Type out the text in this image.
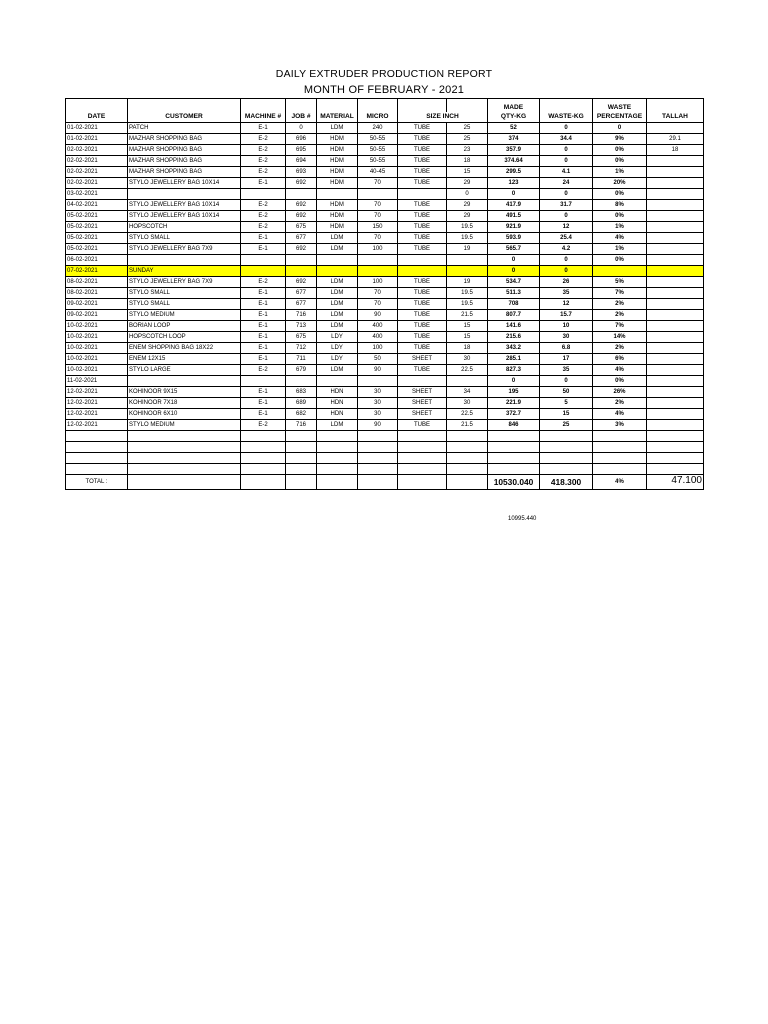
DAILY EXTRUDER PRODUCTION REPORT
MONTH OF FEBRUARY - 2021
								MADE		WASTE	
DATE	CUSTOMER	MACHINE #	JOB #	MATERIAL	MICRO	SIZE INCH		QTY-KG	WASTE-KG	PERCENTAGE	TALLAH
01-02-2021	PATCH	E-1	0	LDM	240	TUBE	25	52	0	0	
01-02-2021	MAZHAR SHOPPING BAG	E-2	696	HDM	50-55	TUBE	25	374	34.4	9%	29.1
02-02-2021	MAZHAR SHOPPING BAG	E-2	695	HDM	50-55	TUBE	23	357.9	0	0%	18
02-02-2021	MAZHAR SHOPPING BAG	E-2	694	HDM	50-55	TUBE	18	374.64	0	0%	
02-02-2021	MAZHAR SHOPPING BAG	E-2	693	HDM	40-45	TUBE	15	299.5	4.1	1%	
02-02-2021	STYLO JEWELLERY BAG 10X14	E-1	692	HDM	70	TUBE	29	123	24	20%	
03-02-2021							0	0	0	0%	
04-02-2021	STYLO JEWELLERY BAG 10X14	E-2	692	HDM	70	TUBE	29	417.9	31.7	8%	
05-02-2021	STYLO JEWELLERY BAG 10X14	E-2	692	HDM	70	TUBE	29	491.5	0	0%	
05-02-2021	HOPSCOTCH	E-2	675	HDM	150	TUBE	19.5	921.9	12	1%	
05-02-2021	STYLO SMALL	E-1	677	LDM	70	TUBE	19.5	593.9	25.4	4%	
05-02-2021	STYLO JEWELLERY BAG 7X9	E-1	692	LDM	100	TUBE	19	565.7	4.2	1%	
06-02-2021								0	0	0%	
07-02-2021	SUNDAY							0	0		
08-02-2021	STYLO JEWELLERY BAG 7X9	E-2	692	LDM	100	TUBE	19	534.7	26	5%	
08-02-2021	STYLO SMALL	E-1	677	LDM	70	TUBE	19.5	511.3	35	7%	
09-02-2021	STYLO SMALL	E-1	677	LDM	70	TUBE	19.5	708	12	2%	
09-02-2021	STYLO MEDIUM	E-1	716	LDM	90	TUBE	21.5	807.7	15.7	2%	
10-02-2021	BORIAN LOOP	E-1	713	LDM	400	TUBE	15	141.6	10	7%	
10-02-2021	HOPSCOTCH LOOP	E-1	675	LDY	400	TUBE	15	215.6	30	14%	
10-02-2021	ENEM SHOPPING BAG 18X22	E-1	712	LDY	100	TUBE	18	343.2	6.8	2%	
10-02-2021	ENEM 12X15	E-1	711	LDY	50	SHEET	30	285.1	17	6%	
10-02-2021	STYLO LARGE	E-2	679	LDM	90	TUBE	22.5	827.3	35	4%	
11-02-2021								0	0	0%	
12-02-2021	KOHINOOR 9X15	E-1	683	HDN	30	SHEET	34	195	50	26%	
12-02-2021	KOHINOOR 7X18	E-1	689	HDN	30	SHEET	30	221.9	5	2%	
12-02-2021	KOHINOOR 6X10	E-1	682	HDN	30	SHEET	22.5	372.7	15	4%	
12-02-2021	STYLO MEDIUM	E-2	716	LDM	90	TUBE	21.5	846	25	3%	

TOTAL :								10530.040	418.300	4%	47.100
10995.440
